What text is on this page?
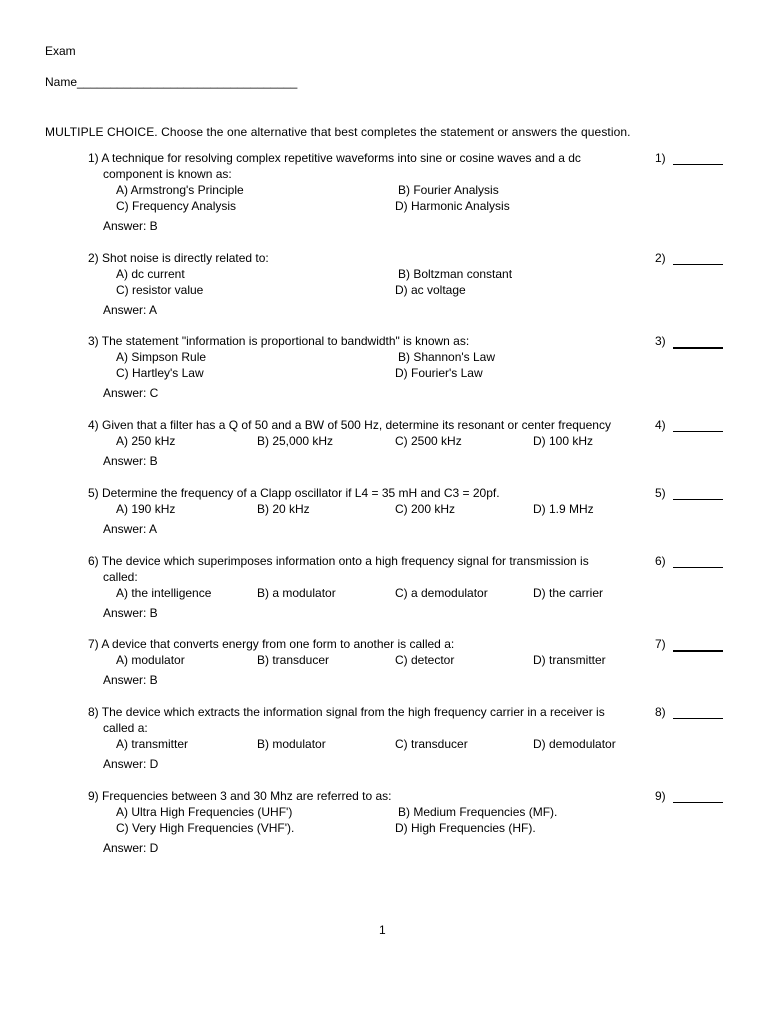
Exam
Name_________________________________
MULTIPLE CHOICE. Choose the one alternative that best completes the statement or answers the question.
1) A technique for resolving complex repetitive waveforms into sine or cosine waves and a dc
component is known as:
1)
A) Armstrong's Principle	B) Fourier Analysis
C) Frequency Analysis	D) Harmonic Analysis
Answer: B
2) Shot noise is directly related to:	2)
A) dc current	B) Boltzman constant
C) resistor value	D) ac voltage
Answer: A
3) The statement "information is proportional to bandwidth" is known as:	3)
A) Simpson Rule	B) Shannon's Law
C) Hartley's Law	D) Fourier's Law
Answer: C
4) Given that a filter has a Q of 50 and a BW of 500 Hz, determine its resonant or center frequency	4)
A) 250 kHz	B) 25,000 kHz	C) 2500 kHz	D) 100 kHz
Answer: B
5) Determine the frequency of a Clapp oscillator if L4 = 35 mH and C3 = 20pf.	5)
A) 190 kHz	B) 20 kHz	C) 200 kHz	D) 1.9 MHz
Answer: A
6) The device which superimposes information onto a high frequency signal for transmission is
called:
6)
A) the intelligence	B) a modulator	C) a demodulator	D) the carrier
Answer: B
7) A device that converts energy from one form to another is called a:	7)
A) modulator	B) transducer	C) detector	D) transmitter
Answer: B
8) The device which extracts the information signal from the high frequency carrier in a receiver is
called a:
8)
A) transmitter	B) modulator	C) transducer	D) demodulator
Answer: D
9) Frequencies between 3 and 30 Mhz are referred to as:	9)
A) Ultra High Frequencies (UHF')	B) Medium Frequencies (MF).
C) Very High Frequencies (VHF').	D) High Frequencies (HF).
Answer: D
1
